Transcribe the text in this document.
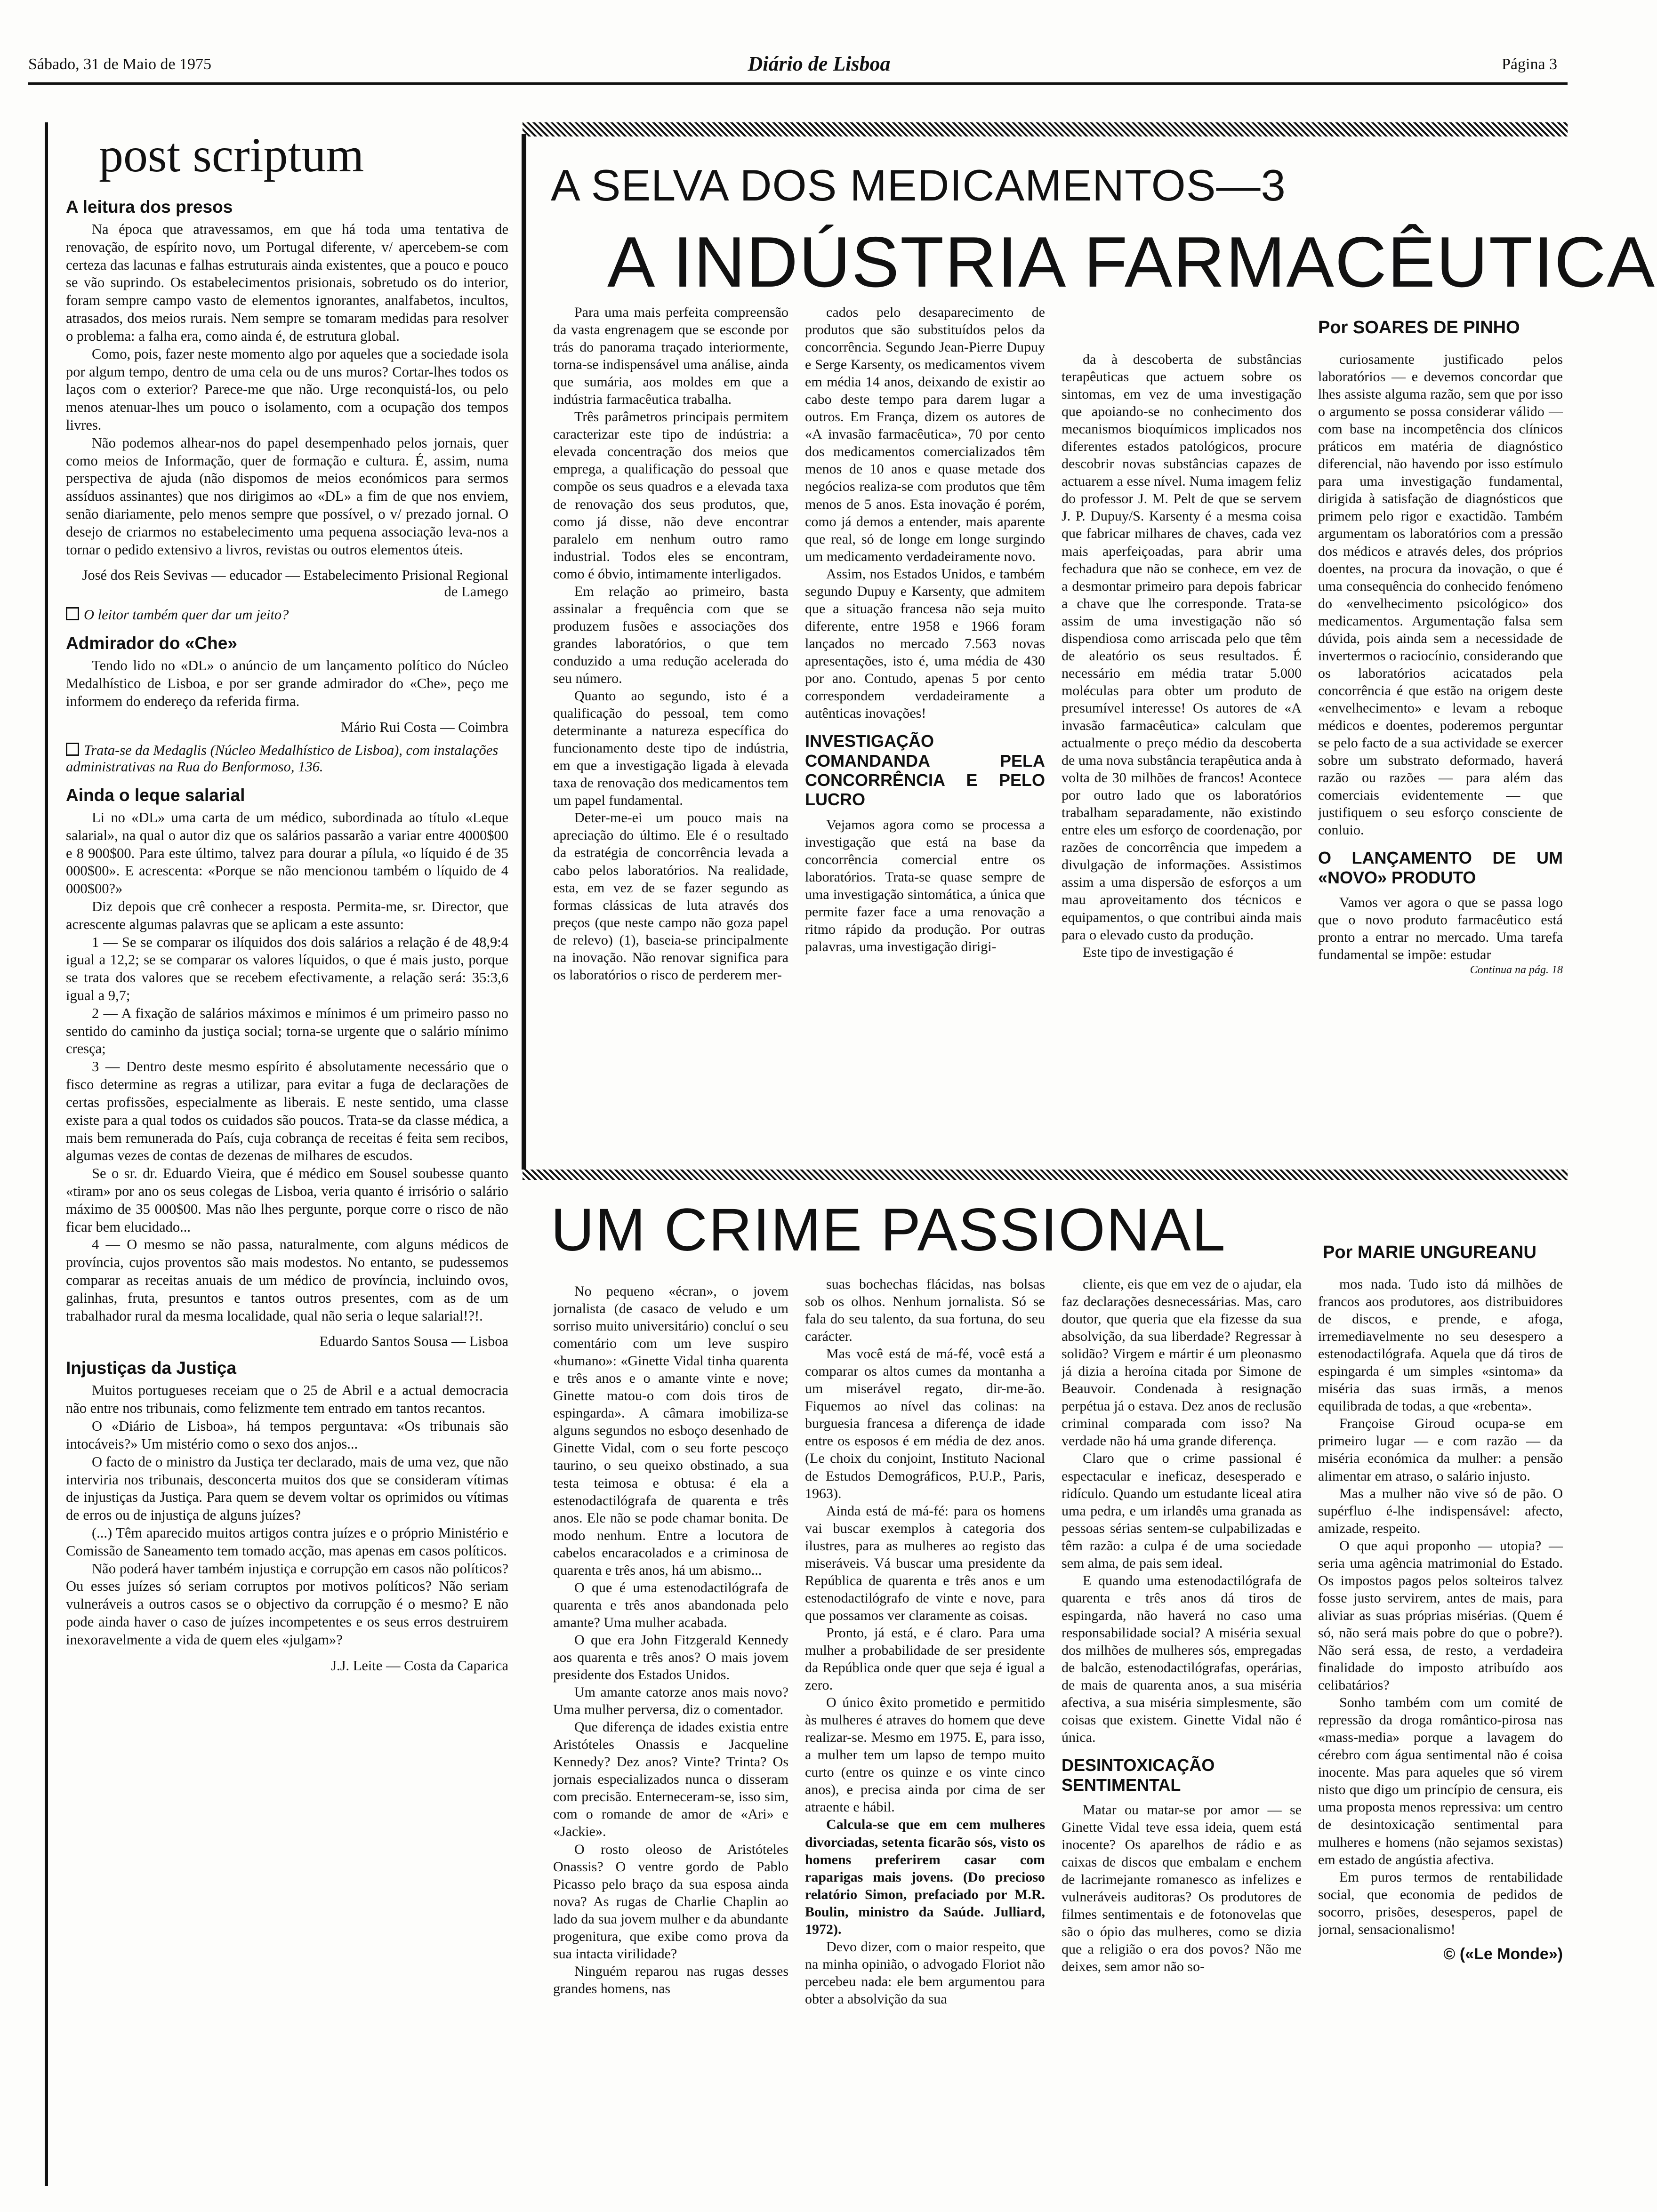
Sábado, 31 de Maio de 1975	Diário de Lisboa	Página 3
post scriptum
A leitura dos presos

Na época que atravessamos, em que há toda uma tentativa de renovação, de espírito novo, um Portugal diferente, v/ apercebem-se com certeza das lacunas e falhas estruturais ainda existentes, que a pouco e pouco se vão suprindo. Os estabelecimentos prisionais, sobretudo os do interior, foram sempre campo vasto de elementos ignorantes, analfabetos, incultos, atrasados, dos meios rurais. Nem sempre se tomaram medidas para resolver o problema: a falha era, como ainda é, de estrutura global.

Como, pois, fazer neste momento algo por aqueles que a sociedade isola por algum tempo, dentro de uma cela ou de uns muros? Cortar-lhes todos os laços com o exterior? Parece-me que não. Urge reconquistá-los, ou pelo menos atenuar-lhes um pouco o isolamento, com a ocupação dos tempos livres.

Não podemos alhear-nos do papel desempenhado pelos jornais, quer como meios de Informação, quer de formação e cultura. É, assim, numa perspectiva de ajuda (não dispomos de meios económicos para sermos assíduos assinantes) que nos dirigimos ao «DL» a fim de que nos enviem, senão diariamente, pelo menos sempre que possível, o v/ prezado jornal. O desejo de criarmos no estabelecimento uma pequena associação leva-nos a tornar o pedido extensivo a livros, revistas ou outros elementos úteis.

José dos Reis Sevivas — educador — Estabelecimento Prisional Regional de Lamego
O leitor também quer dar um jeito?
Admirador do «Che»

Tendo lido no «DL» o anúncio de um lançamento político do Núcleo Medalhístico de Lisboa, e por ser grande admirador do «Che», peço me informem do endereço da referida firma.

Mário Rui Costa — Coimbra
Trata-se da Medaglis (Núcleo Medalhístico de Lisboa), com instalações administrativas na Rua do Benformoso, 136.
Ainda o leque salarial

Li no «DL» uma carta de um médico, subordinada ao título «Leque salarial», na qual o autor diz que os salários passarão a variar entre 4000$00 e 8 900$00. Para este último, talvez para dourar a pílula, «o líquido é de 35 000$00». E acrescenta: «Porque se não mencionou também o líquido de 4 000$00?»

Diz depois que crê conhecer a resposta. Permita-me, sr. Director, que acrescente algumas palavras que se aplicam a este assunto:

1 — Se se comparar os ilíquidos dos dois salários a relação é de 48,9:4 igual a 12,2; se se comparar os valores líquidos, o que é mais justo, porque se trata dos valores que se recebem efectivamente, a relação será: 35:3,6 igual a 9,7;

2 — A fixação de salários máximos e mínimos é um primeiro passo no sentido do caminho da justiça social; torna-se urgente que o salário mínimo cresça;

3 — Dentro deste mesmo espírito é absolutamente necessário que o fisco determine as regras a utilizar, para evitar a fuga de declarações de certas profissões, especialmente as liberais. E neste sentido, uma classe existe para a qual todos os cuidados são poucos. Trata-se da classe médica, a mais bem remunerada do País, cuja cobrança de receitas é feita sem recibos, algumas vezes de contas de dezenas de milhares de escudos.

Se o sr. dr. Eduardo Vieira, que é médico em Sousel soubesse quanto «tiram» por ano os seus colegas de Lisboa, veria quanto é irrisório o salário máximo de 35 000$00. Mas não lhes pergunte, porque corre o risco de não ficar bem elucidado...

4 — O mesmo se não passa, naturalmente, com alguns médicos de província, cujos proventos são mais modestos. No entanto, se pudessemos comparar as receitas anuais de um médico de província, incluindo ovos, galinhas, fruta, presuntos e tantos outros presentes, com as de um trabalhador rural da mesma localidade, qual não seria o leque salarial!?!.

Eduardo Santos Sousa — Lisboa
Injustiças da Justiça

Muitos portugueses receiam que o 25 de Abril e a actual democracia não entre nos tribunais, como felizmente tem entrado em tantos recantos.

O «Diário de Lisboa», há tempos perguntava: «Os tribunais são intocáveis?» Um mistério como o sexo dos anjos...

O facto de o ministro da Justiça ter declarado, mais de uma vez, que não interviria nos tribunais, desconcerta muitos dos que se consideram vítimas de injustiças da Justiça. Para quem se devem voltar os oprimidos ou vítimas de erros ou de injustiça de alguns juízes?

(...) Têm aparecido muitos artigos contra juízes e o próprio Ministério e Comissão de Saneamento tem tomado acção, mas apenas em casos políticos.

Não poderá haver também injustiça e corrupção em casos não políticos? Ou esses juízes só seriam corruptos por motivos políticos? Não seriam vulneráveis a outros casos se o objectivo da corrupção é o mesmo? E não pode ainda haver o caso de juízes incompetentes e os seus erros destruirem inexoravelmente a vida de quem eles «julgam»?

J.J. Leite — Costa da Caparica
A SELVA DOS MEDICAMENTOS—3
A INDÚSTRIA FARMACÊUTICA
Por SOARES DE PINHO

Para uma mais perfeita compreensão da vasta engrenagem que se esconde por trás do panorama traçado interiormente, torna-se indispensável uma análise, ainda que sumária, aos moldes em que a indústria farmacêutica trabalha.

Três parâmetros principais permitem caracterizar este tipo de indústria: a elevada concentração dos meios que emprega, a qualificação do pessoal que compõe os seus quadros e a elevada taxa de renovação dos seus produtos, que, como já disse, não deve encontrar paralelo em nenhum outro ramo industrial. Todos eles se encontram, como é óbvio, intimamente interligados.

Em relação ao primeiro, basta assinalar a frequência com que se produzem fusões e associações dos grandes laboratórios, o que tem conduzido a uma redução acelerada do seu número.

Quanto ao segundo, isto é a qualificação do pessoal, tem como determinante a natureza específica do funcionamento deste tipo de indústria, em que a investigação ligada à elevada taxa de renovação dos medicamentos tem um papel fundamental.

Deter-me-ei um pouco mais na apreciação do último. Ele é o resultado da estratégia de concorrência levada a cabo pelos laboratórios. Na realidade, esta, em vez de se fazer segundo as formas clássicas de luta através dos preços (que neste campo não goza papel de relevo) (1), baseia-se principalmente na inovação. Não renovar significa para os laboratórios o risco de perderem mer-

cados pelo desaparecimento de produtos que são substituídos pelos da concorrência. Segundo Jean-Pierre Dupuy e Serge Karsenty, os medicamentos vivem em média 14 anos, deixando de existir ao cabo deste tempo para darem lugar a outros. Em França, dizem os autores de «A invasão farmacêutica», 70 por cento dos medicamentos comercializados têm menos de 10 anos e quase metade dos negócios realiza-se com produtos que têm menos de 5 anos. Esta inovação é porém, como já demos a entender, mais aparente que real, só de longe em longe surgindo um medicamento verdadeiramente novo.

Assim, nos Estados Unidos, e também segundo Dupuy e Karsenty, que admitem que a situação francesa não seja muito diferente, entre 1958 e 1966 foram lançados no mercado 7.563 novas apresentações, isto é, uma média de 430 por ano. Contudo, apenas 5 por cento correspondem verdadeiramente a autênticas inovações!

INVESTIGAÇÃO COMANDANDA PELA CONCORRÊNCIA E PELO LUCRO

Vejamos agora como se processa a investigação que está na base da concorrência comercial entre os laboratórios. Trata-se quase sempre de uma investigação sintomática, a única que permite fazer face a uma renovação a ritmo rápido da produção. Por outras palavras, uma investigação dirigi-

da à descoberta de substâncias terapêuticas que actuem sobre os sintomas, em vez de uma investigação que apoiando-se no conhecimento dos mecanismos bioquímicos implicados nos diferentes estados patológicos, procure descobrir novas substâncias capazes de actuarem a esse nível. Numa imagem feliz do professor J. M. Pelt de que se servem J. P. Dupuy/S. Karsenty é a mesma coisa que fabricar milhares de chaves, cada vez mais aperfeiçoadas, para abrir uma fechadura que não se conhece, em vez de a desmontar primeiro para depois fabricar a chave que lhe corresponde. Trata-se assim de uma investigação não só dispendiosa como arriscada pelo que têm de aleatório os seus resultados. É necessário em média tratar 5.000 moléculas para obter um produto de presumível interesse! Os autores de «A invasão farmacêutica» calculam que actualmente o preço médio da descoberta de uma nova substância terapêutica anda à volta de 30 milhões de francos! Acontece por outro lado que os laboratórios trabalham separadamente, não existindo entre eles um esforço de coordenação, por razões de concorrência que impedem a divulgação de informações. Assistimos assim a uma dispersão de esforços a um mau aproveitamento dos técnicos e equipamentos, o que contribui ainda mais para o elevado custo da produção.

Este tipo de investigação é

curiosamente justificado pelos laboratórios — e devemos concordar que lhes assiste alguma razão, sem que por isso o argumento se possa considerar válido — com base na incompetência dos clínicos práticos em matéria de diagnóstico diferencial, não havendo por isso estímulo para uma investigação fundamental, dirigida à satisfação de diagnósticos que primem pelo rigor e exactidão. Também argumentam os laboratórios com a pressão dos médicos e através deles, dos próprios doentes, na procura da inovação, o que é uma consequência do conhecido fenómeno do «envelhecimento psicológico» dos medicamentos. Argumentação falsa sem dúvida, pois ainda sem a necessidade de invertermos o raciocínio, considerando que os laboratórios acicatados pela concorrência é que estão na origem deste «envelhecimento» e levam a reboque médicos e doentes, poderemos perguntar se pelo facto de a sua actividade se exercer sobre um substrato deformado, haverá razão ou razões — para além das comerciais evidentemente — que justifiquem o seu esforço consciente de conluio.

O LANÇAMENTO DE UM «NOVO» PRODUTO

Vamos ver agora o que se passa logo que o novo produto farmacêutico está pronto a entrar no mercado. Uma tarefa fundamental se impõe: estudar

Continua na pág. 18
UM CRIME PASSIONAL	Por MARIE UNGUREANU

No pequeno «écran», o jovem jornalista (de casaco de veludo e um sorriso muito universitário) concluí o seu comentário com um leve suspiro «humano»: «Ginette Vidal tinha quarenta e três anos e o amante vinte e nove; Ginette matou-o com dois tiros de espingarda». A câmara imobiliza-se alguns segundos no esboço desenhado de Ginette Vidal, com o seu forte pescoço taurino, o seu queixo obstinado, a sua testa teimosa e obtusa: é ela a estenodactilógrafa de quarenta e três anos. Ele não se pode chamar bonita. De modo nenhum. Entre a locutora de cabelos encaracolados e a criminosa de quarenta e três anos, há um abismo...

O que é uma estenodactilógrafa de quarenta e três anos abandonada pelo amante? Uma mulher acabada.

O que era John Fitzgerald Kennedy aos quarenta e três anos? O mais jovem presidente dos Estados Unidos.

Um amante catorze anos mais novo? Uma mulher perversa, diz o comentador.

Que diferença de idades existia entre Aristóteles Onassis e Jacqueline Kennedy? Dez anos? Vinte? Trinta? Os jornais especializados nunca o disseram com precisão. Enterneceram-se, isso sim, com o romande de amor de «Ari» e «Jackie».

O rosto oleoso de Aristóteles Onassis? O ventre gordo de Pablo Picasso pelo braço da sua esposa ainda nova? As rugas de Charlie Chaplin ao lado da sua jovem mulher e da abundante progenitura, que exibe como prova da sua intacta virilidade?

Ninguém reparou nas rugas desses grandes homens, nas

suas bochechas flácidas, nas bolsas sob os olhos. Nenhum jornalista. Só se fala do seu talento, da sua fortuna, do seu carácter.

Mas você está de má-fé, você está a comparar os altos cumes da montanha a um miserável regato, dir-me-ão. Fiquemos ao nível das colinas: na burguesia francesa a diferença de idade entre os esposos é em média de dez anos. (Le choix du conjoint, Instituto Nacional de Estudos Demográficos, P.U.P., Paris, 1963).

Ainda está de má-fé: para os homens vai buscar exemplos à categoria dos ilustres, para as mulheres ao registo das miseráveis. Vá buscar uma presidente da República de quarenta e três anos e um estenodactilógrafo de vinte e nove, para que possamos ver claramente as coisas.

Pronto, já está, e é claro. Para uma mulher a probabilidade de ser presidente da República onde quer que seja é igual a zero.

O único êxito prometido e permitido às mulheres é atraves do homem que deve realizar-se. Mesmo em 1975. E, para isso, a mulher tem um lapso de tempo muito curto (entre os quinze e os vinte cinco anos), e precisa ainda por cima de ser atraente e hábil.

Calcula-se que em cem mulheres divorciadas, setenta ficarão sós, visto os homens preferirem casar com raparigas mais jovens. (Do precioso relatório Simon, prefaciado por M.R. Boulin, ministro da Saúde. Julliard, 1972).

Devo dizer, com o maior respeito, que na minha opinião, o advogado Floriot não percebeu nada: ele bem argumentou para obter a absolvição da sua

cliente, eis que em vez de o ajudar, ela faz declarações desnecessárias. Mas, caro doutor, que queria que ela fizesse da sua absolvição, da sua liberdade? Regressar à solidão? Virgem e mártir é um pleonasmo já dizia a heroína citada por Simone de Beauvoir. Condenada à resignação perpétua já o estava. Dez anos de reclusão criminal comparada com isso? Na verdade não há uma grande diferença.

Claro que o crime passional é espectacular e ineficaz, desesperado e ridículo. Quando um estudante liceal atira uma pedra, e um irlandês uma granada as pessoas sérias sentem-se culpabilizadas e têm razão: a culpa é de uma sociedade sem alma, de pais sem ideal.

E quando uma estenodactilógrafa de quarenta e três anos dá tiros de espingarda, não haverá no caso uma responsabilidade social? A miséria sexual dos milhões de mulheres sós, empregadas de balcão, estenodactilógrafas, operárias, de mais de quarenta anos, a sua miséria afectiva, a sua miséria simplesmente, são coisas que existem. Ginette Vidal não é única.

DESINTOXICAÇÃO SENTIMENTAL

Matar ou matar-se por amor — se Ginette Vidal teve essa ideia, quem está inocente? Os aparelhos de rádio e as caixas de discos que embalam e enchem de lacrimejante romanesco as infelizes e vulneráveis auditoras? Os produtores de filmes sentimentais e de fotonovelas que são o ópio das mulheres, como se dizia que a religião o era dos povos? Não me deixes, sem amor não so-

mos nada. Tudo isto dá milhões de francos aos produtores, aos distribuidores de discos, e prende, e afoga, irremediavelmente no seu desespero a estenodactilógrafa. Aquela que dá tiros de espingarda é um simples «sintoma» da miséria das suas irmãs, a menos equilibrada de todas, a que «rebenta».

Françoise Giroud ocupa-se em primeiro lugar — e com razão — da miséria económica da mulher: a pensão alimentar em atraso, o salário injusto.

Mas a mulher não vive só de pão. O supérfluo é-lhe indispensável: afecto, amizade, respeito.

O que aqui proponho — utopia? — seria uma agência matrimonial do Estado. Os impostos pagos pelos solteiros talvez fosse justo servirem, antes de mais, para aliviar as suas próprias misérias. (Quem é só, não será mais pobre do que o pobre?). Não será essa, de resto, a verdadeira finalidade do imposto atribuído aos celibatários?

Sonho também com um comité de repressão da droga romântico-pirosa nas «mass-media» porque a lavagem do cérebro com água sentimental não é coisa inocente. Mas para aqueles que só virem nisto que digo um princípio de censura, eis uma proposta menos repressiva: um centro de desintoxicação sentimental para mulheres e homens (não sejamos sexistas) em estado de angústia afectiva.

Em puros termos de rentabilidade social, que economia de pedidos de socorro, prisões, desesperos, papel de jornal, sensacionalismo!

© («Le Monde»)
